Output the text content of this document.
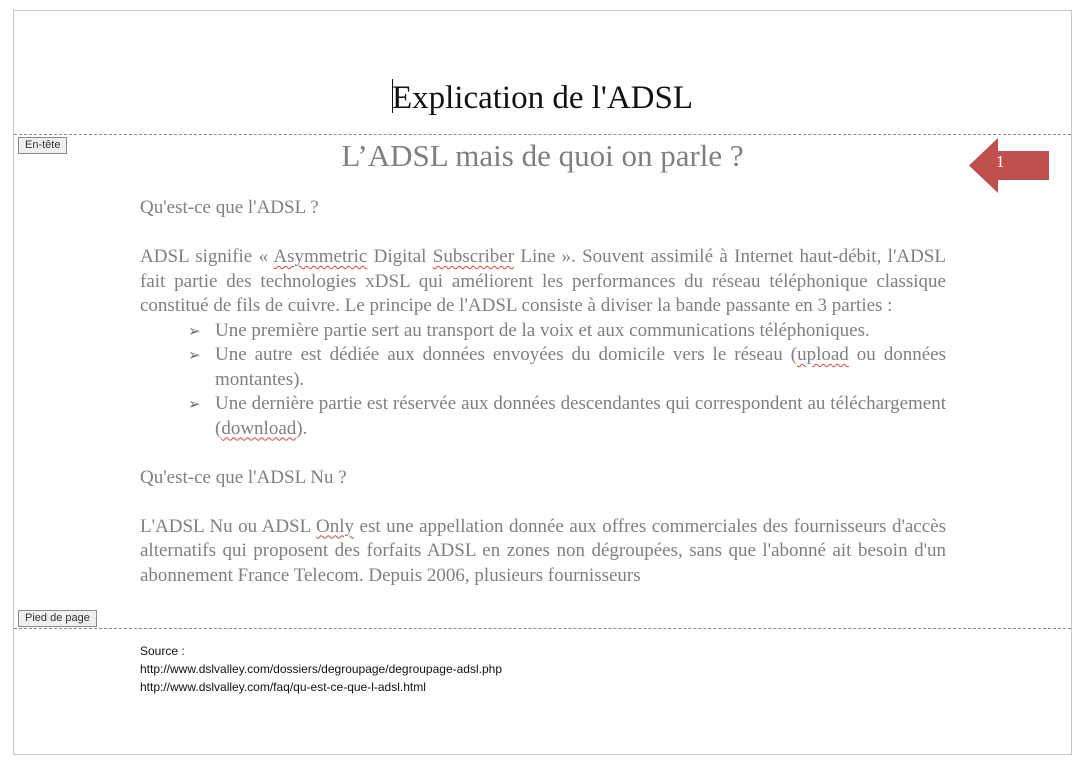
Explication de l'ADSL
En-tête	L’ADSL mais de quoi on parle ?	1

Qu'est-ce que l'ADSL ?

ADSL signifie « Asymmetric Digital Subscriber Line ». Souvent assimilé à Internet haut-débit, l'ADSL fait partie des technologies xDSL qui améliorent les performances du réseau téléphonique classique constitué de fils de cuivre. Le principe de l'ADSL consiste à diviser la bande passante en 3 parties :

➢ Une première partie sert au transport de la voix et aux communications téléphoniques.
➢ Une autre est dédiée aux données envoyées du domicile vers le réseau (upload ou données montantes).
➢ Une dernière partie est réservée aux données descendantes qui correspondent au téléchargement (download).

Qu'est-ce que l'ADSL Nu ?

L'ADSL Nu ou ADSL Only est une appellation donnée aux offres commerciales des fournisseurs d'accès alternatifs qui proposent des forfaits ADSL en zones non dégroupées, sans que l'abonné ait besoin d'un abonnement France Telecom. Depuis 2006, plusieurs fournisseurs

Pied de page
Source :
http://www.dslvalley.com/dossiers/degroupage/degroupage-adsl.php
http://www.dslvalley.com/faq/qu-est-ce-que-l-adsl.html
